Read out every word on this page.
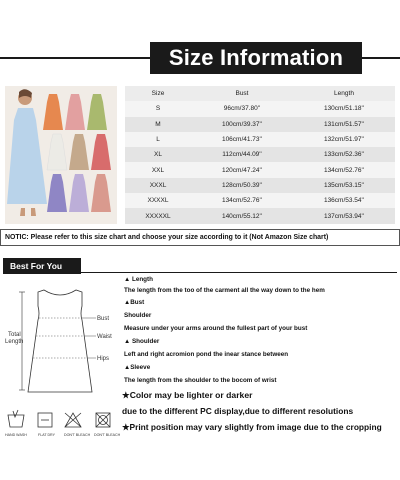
Size Information
Size	Bust	Length
S	96cm/37.80''	130cm/51.18''
M	100cm/39.37''	131cm/51.57''
L	106cm/41.73''	132cm/51.97''
XL	112cm/44.09''	133cm/52.36''
XXL	120cm/47.24''	134cm/52.76''
XXXL	128cm/50.39''	135cm/53.15''
XXXXL	134cm/52.76''	136cm/53.54''
XXXXXL	140cm/55.12''	137cm/53.94''
NOTIC: Please refer to this size chart and choose your size according to it (Not Amazon Size chart)
Best For You
Total
Length
Bust
Waist
Hips
HAND WASH	FLAT DRY	DON'T BLEACH DON'T BLEACH
▲ Length
The length from the too of the carment all the way down to the hem
▲Bust
Shoulder
Measure under your arms around the fullest part of your bust
▲ Shoulder
Left and right acromion pond the inear stance between
▲Sleeve
The length from the shoulder to the bocom of wrist
★Color may be lighter or darker
due to the different PC display,due to different resolutions
★Print position may vary slightly from image due to the cropping
